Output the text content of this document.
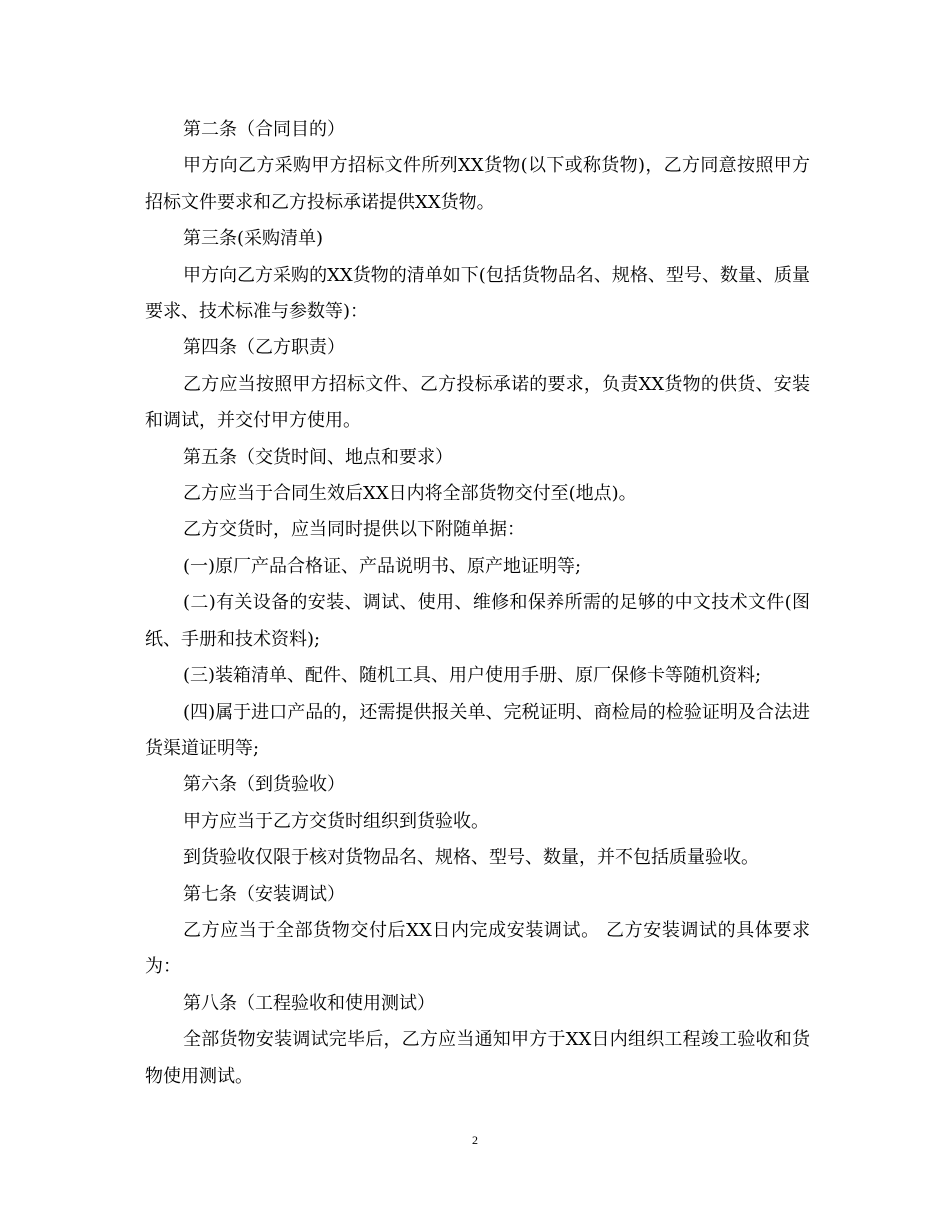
第二条（合同目的）

甲方向乙方采购甲方招标文件所列XX货物(以下或称货物)，乙方同意按照甲方招标文件要求和乙方投标承诺提供XX货物。

第三条(采购清单)

甲方向乙方采购的XX货物的清单如下(包括货物品名、规格、型号、数量、质量要求、技术标准与参数等)：

第四条（乙方职责）

乙方应当按照甲方招标文件、乙方投标承诺的要求，负责XX货物的供货、安装和调试，并交付甲方使用。

第五条（交货时间、地点和要求）

乙方应当于合同生效后XX日内将全部货物交付至(地点)。

乙方交货时，应当同时提供以下附随单据：

(一)原厂产品合格证、产品说明书、原产地证明等;

(二)有关设备的安装、调试、使用、维修和保养所需的足够的中文技术文件(图纸、手册和技术资料);

(三)装箱清单、配件、随机工具、用户使用手册、原厂保修卡等随机资料;

(四)属于进口产品的，还需提供报关单、完税证明、商检局的检验证明及合法进货渠道证明等;

第六条（到货验收）

甲方应当于乙方交货时组织到货验收。

到货验收仅限于核对货物品名、规格、型号、数量，并不包括质量验收。

第七条（安装调试）

乙方应当于全部货物交付后XX日内完成安装调试。 乙方安装调试的具体要求为：

第八条（工程验收和使用测试）

全部货物安装调试完毕后，乙方应当通知甲方于XX日内组织工程竣工验收和货物使用测试。

2
